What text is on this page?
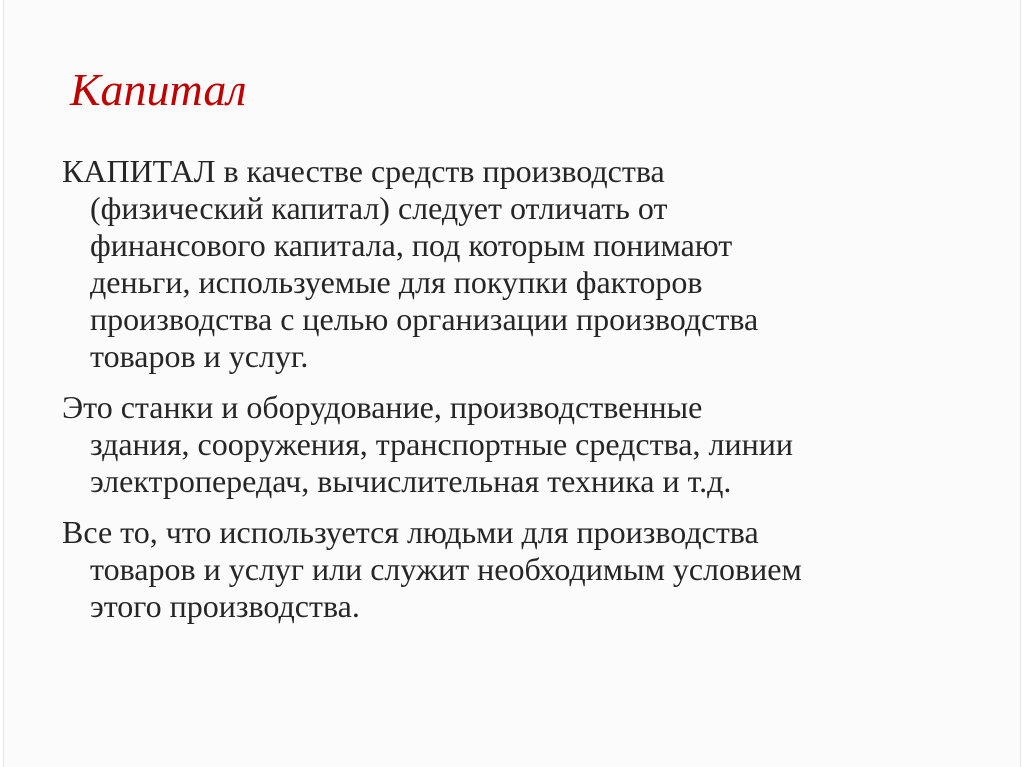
Капитал

КАПИТАЛ в качестве средств производства
(физический капитал) следует отличать от
финансового капитала, под которым понимают
деньги, используемые для покупки факторов
производства с целью организации производства
товаров и услуг.

Это станки и оборудование, производственные
здания, сооружения, транспортные средства, линии
электропередач, вычислительная техника и т.д.

Все то, что используется людьми для производства
товаров и услуг или служит необходимым условием
этого производства.
